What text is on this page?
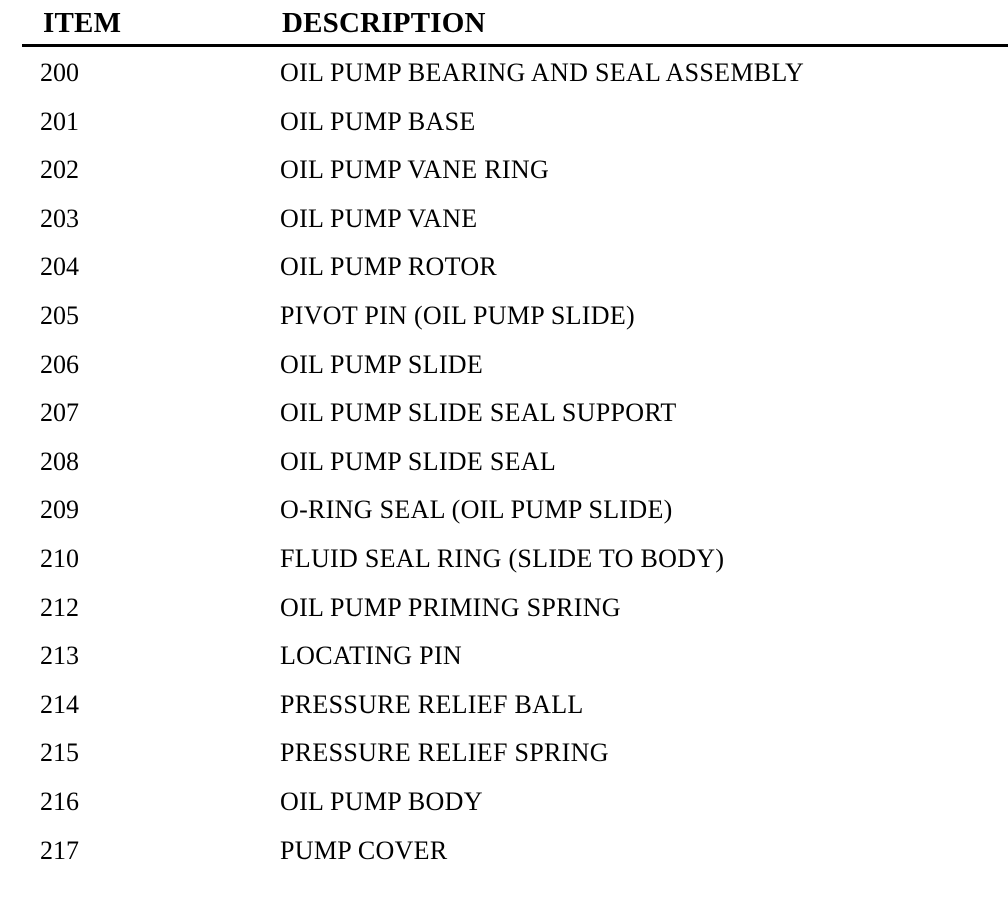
ITEM	DESCRIPTION
200	OIL PUMP BEARING AND SEAL ASSEMBLY
201	OIL PUMP BASE
202	OIL PUMP VANE RING
203	OIL PUMP VANE
204	OIL PUMP ROTOR
205	PIVOT PIN (OIL PUMP SLIDE)
206	OIL PUMP SLIDE
207	OIL PUMP SLIDE SEAL SUPPORT
208	OIL PUMP SLIDE SEAL
209	O-RING SEAL (OIL PUMP SLIDE)
210	FLUID SEAL RING (SLIDE TO BODY)
212	OIL PUMP PRIMING SPRING
213	LOCATING PIN
214	PRESSURE RELIEF BALL
215	PRESSURE RELIEF SPRING
216	OIL PUMP BODY
217	PUMP COVER
